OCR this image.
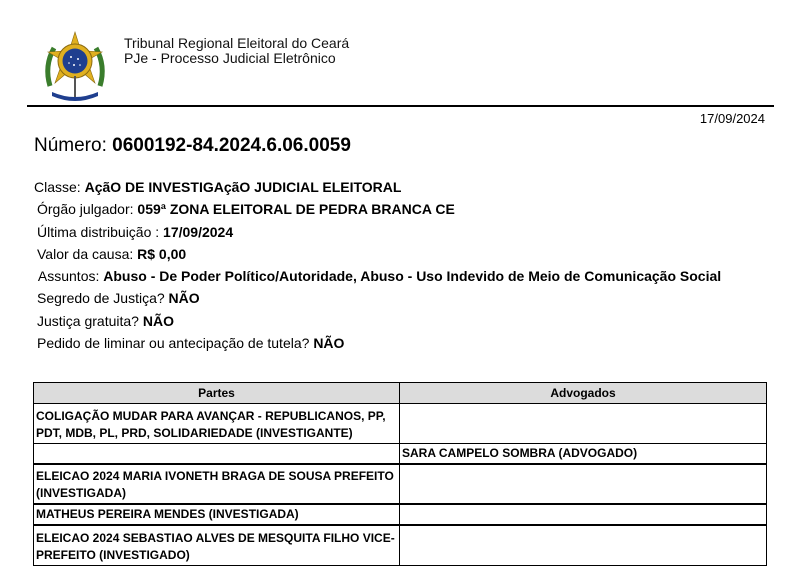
Tribunal Regional Eleitoral do Ceará
PJe - Processo Judicial Eletrônico
17/09/2024
Número: 0600192-84.2024.6.06.0059
Classe: AçãO DE INVESTIGAçãO JUDICIAL ELEITORAL
Órgão julgador: 059ª ZONA ELEITORAL DE PEDRA BRANCA CE
Última distribuição : 17/09/2024
Valor da causa: R$ 0,00
Assuntos: Abuso - De Poder Político/Autoridade, Abuso - Uso Indevido de Meio de Comunicação Social
Segredo de Justiça? NÃO
Justiça gratuita? NÃO
Pedido de liminar ou antecipação de tutela? NÃO
Partes	Advogados
COLIGAÇÃO MUDAR PARA AVANÇAR - REPUBLICANOS, PP, PDT, MDB, PL, PRD, SOLIDARIEDADE (INVESTIGANTE)	
	SARA CAMPELO SOMBRA (ADVOGADO)
ELEICAO 2024 MARIA IVONETH BRAGA DE SOUSA PREFEITO (INVESTIGADA)	
MATHEUS PEREIRA MENDES (INVESTIGADA)	
ELEICAO 2024 SEBASTIAO ALVES DE MESQUITA FILHO VICE-PREFEITO (INVESTIGADO)	
